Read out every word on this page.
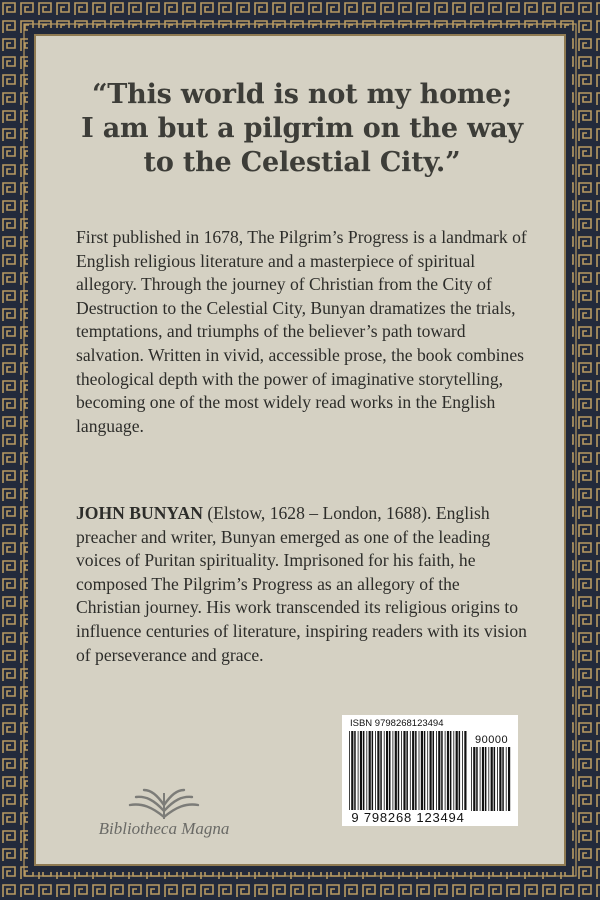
“This world is not my home;
I am but a pilgrim on the way
to the Celestial City.”

First published in 1678, The Pilgrim’s Progress is a landmark of English religious literature and a masterpiece of spiritual allegory. Through the journey of Christian from the City of Destruction to the Celestial City, Bunyan dramatizes the trials, temptations, and triumphs of the believer’s path toward salvation. Written in vivid, accessible prose, the book combines theological depth with the power of imaginative storytelling, becoming one of the most widely read works in the English language.

JOHN BUNYAN (Elstow, 1628 – London, 1688). English preacher and writer, Bunyan emerged as one of the leading voices of Puritan spirituality. Imprisoned for his faith, he composed The Pilgrim’s Progress as an allegory of the Christian journey. His work transcended its religious origins to influence centuries of literature, inspiring readers with its vision of perseverance and grace.

Bibliotheca Magna
ISBN 9798268123494
90000
9 798268 123494
